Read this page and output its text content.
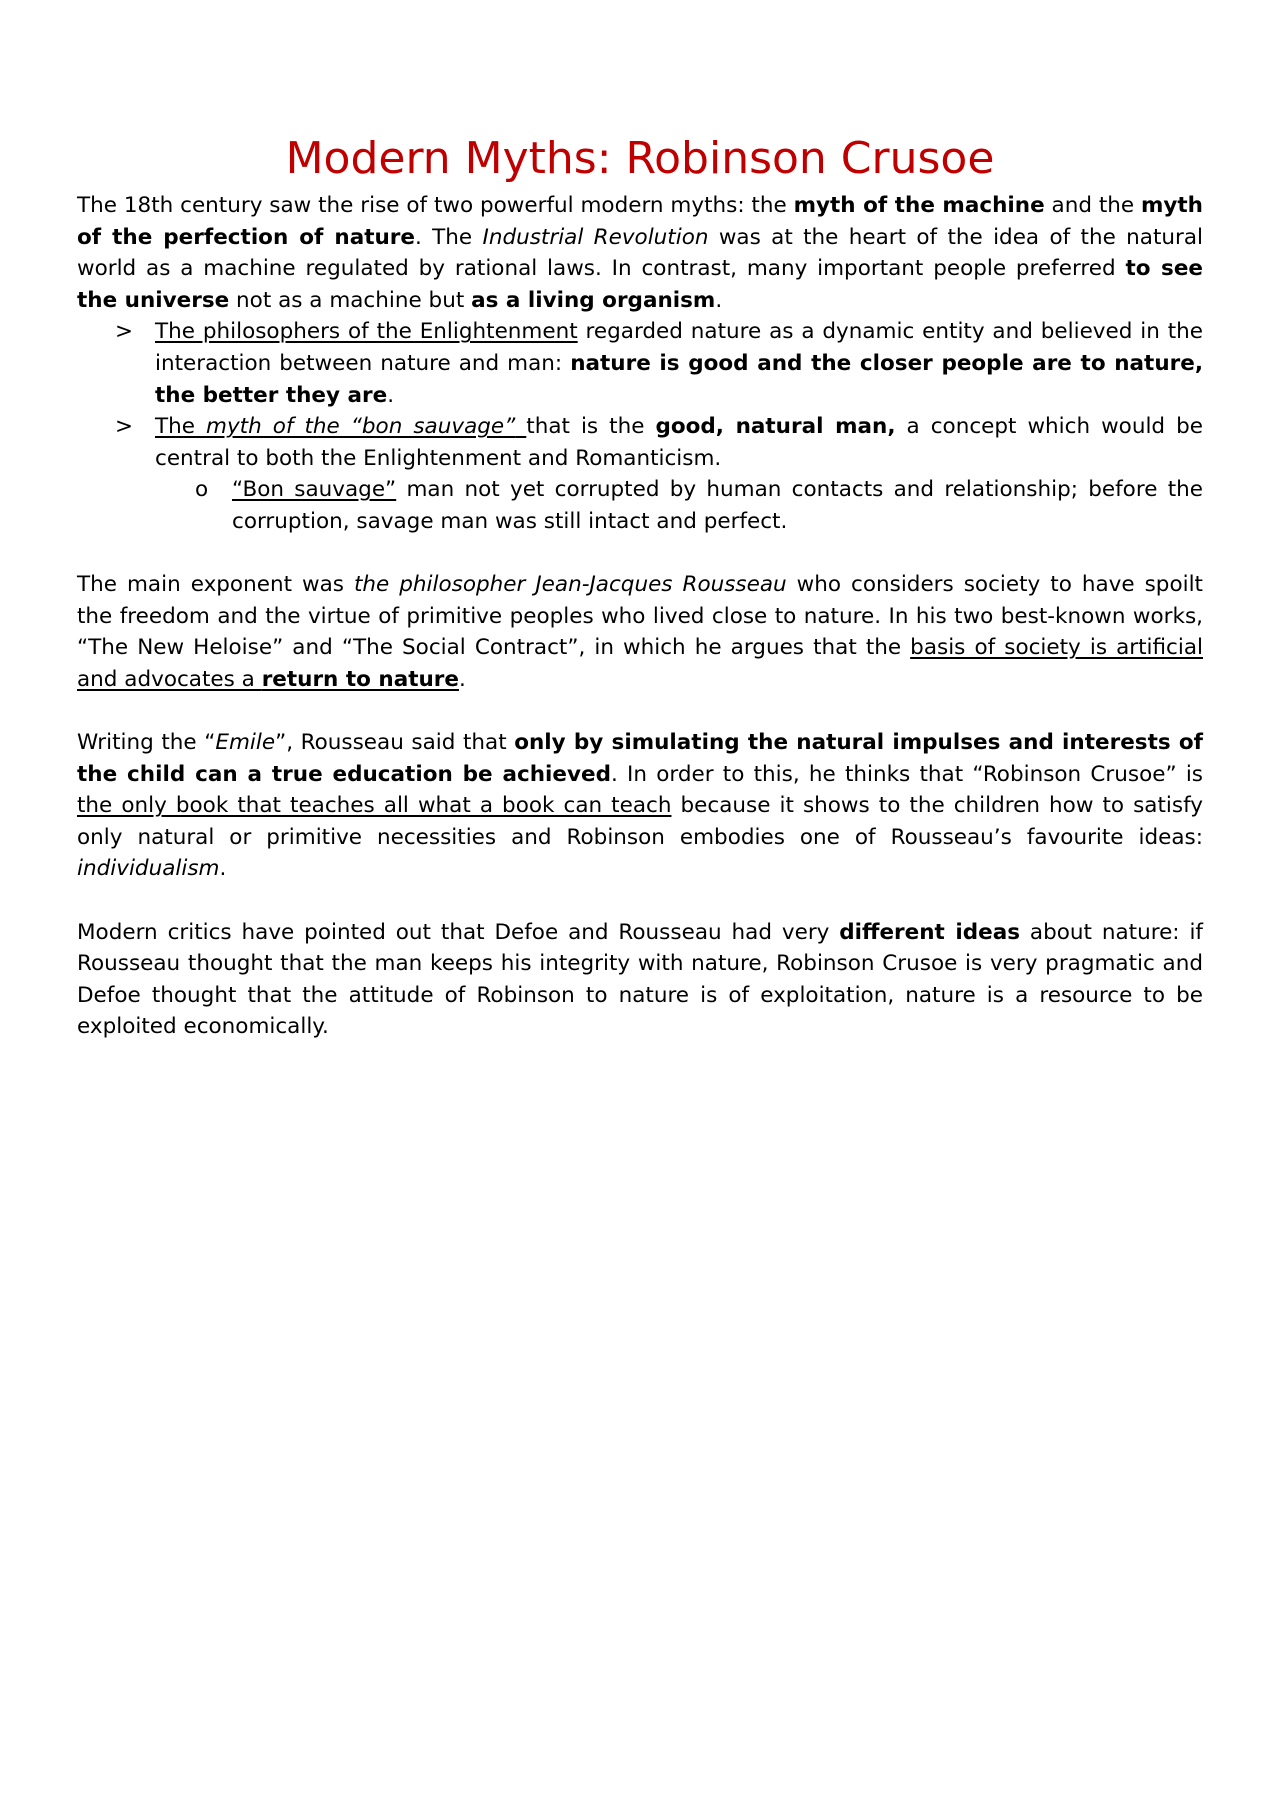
Modern Myths: Robinson Crusoe

The 18th century saw the rise of two powerful modern myths: the myth of the machine and the myth of the perfection of nature. The Industrial Revolution was at the heart of the idea of the natural world as a machine regulated by rational laws. In contrast, many important people preferred to see the universe not as a machine but as a living organism.

> The philosophers of the Enlightenment regarded nature as a dynamic entity and believed in the interaction between nature and man: nature is good and the closer people are to nature, the better they are.

> The myth of the “bon sauvage” that is the good, natural man, a concept which would be central to both the Enlightenment and Romanticism.

o “Bon sauvage” man not yet corrupted by human contacts and relationship; before the corruption, savage man was still intact and perfect.

The main exponent was the philosopher Jean-Jacques Rousseau who considers society to have spoilt the freedom and the virtue of primitive peoples who lived close to nature. In his two best-known works, “The New Heloise” and “The Social Contract”, in which he argues that the basis of society is artificial and advocates a return to nature.

Writing the “Emile”, Rousseau said that only by simulating the natural impulses and interests of the child can a true education be achieved. In order to this, he thinks that “Robinson Crusoe” is the only book that teaches all what a book can teach because it shows to the children how to satisfy only natural or primitive necessities and Robinson embodies one of Rousseau’s favourite ideas: individualism.

Modern critics have pointed out that Defoe and Rousseau had very different ideas about nature: if Rousseau thought that the man keeps his integrity with nature, Robinson Crusoe is very pragmatic and Defoe thought that the attitude of Robinson to nature is of exploitation, nature is a resource to be exploited economically.
